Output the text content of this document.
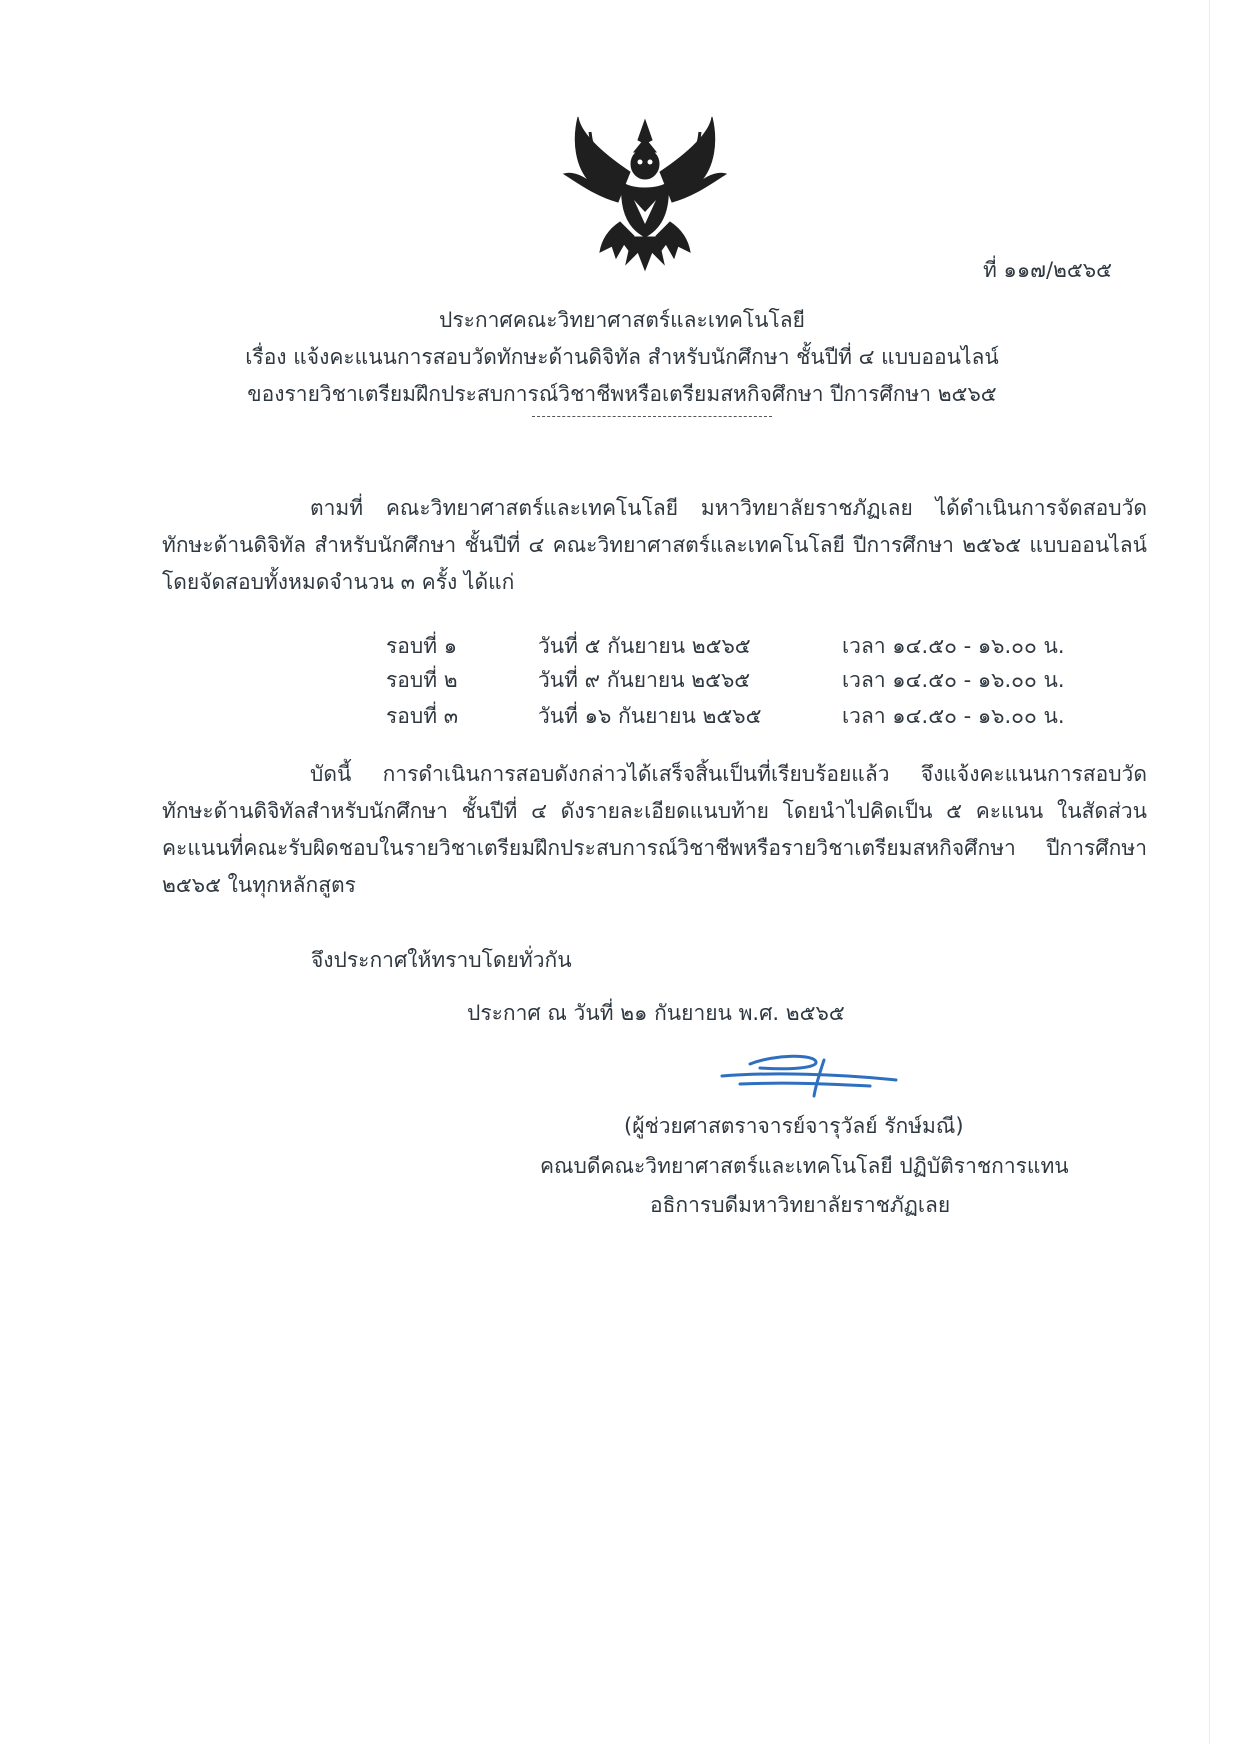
ที่ ๑๑๗/๒๕๖๕
ประกาศคณะวิทยาศาสตร์และเทคโนโลยี
เรื่อง แจ้งคะแนนการสอบวัดทักษะด้านดิจิทัล สำหรับนักศึกษา ชั้นปีที่ ๔ แบบออนไลน์
ของรายวิชาเตรียมฝึกประสบการณ์วิชาชีพหรือเตรียมสหกิจศึกษา ปีการศึกษา ๒๕๖๕
ตามที่ คณะวิทยาศาสตร์และเทคโนโลยี มหาวิทยาลัยราชภัฏเลย ได้ดำเนินการจัดสอบวัดทักษะด้านดิจิทัล สำหรับนักศึกษา ชั้นปีที่ ๔ คณะวิทยาศาสตร์และเทคโนโลยี ปีการศึกษา ๒๕๖๕ แบบออนไลน์ โดยจัดสอบทั้งหมดจำนวน ๓ ครั้ง ได้แก่
รอบที่ ๑	วันที่ ๕ กันยายน ๒๕๖๕	เวลา ๑๔.๕๐ - ๑๖.๐๐ น.
รอบที่ ๒	วันที่ ๙ กันยายน ๒๕๖๕	เวลา ๑๔.๕๐ - ๑๖.๐๐ น.
รอบที่ ๓	วันที่ ๑๖ กันยายน ๒๕๖๕	เวลา ๑๔.๕๐ - ๑๖.๐๐ น.
บัดนี้ การดำเนินการสอบดังกล่าวได้เสร็จสิ้นเป็นที่เรียบร้อยแล้ว จึงแจ้งคะแนนการสอบวัดทักษะด้านดิจิทัลสำหรับนักศึกษา ชั้นปีที่ ๔ ดังรายละเอียดแนบท้าย โดยนำไปคิดเป็น ๕ คะแนน ในสัดส่วนคะแนนที่คณะรับผิดชอบในรายวิชาเตรียมฝึกประสบการณ์วิชาชีพหรือรายวิชาเตรียมสหกิจศึกษา ปีการศึกษา ๒๕๖๕ ในทุกหลักสูตร
จึงประกาศให้ทราบโดยทั่วกัน
ประกาศ ณ วันที่ ๒๑ กันยายน พ.ศ. ๒๕๖๕
(ผู้ช่วยศาสตราจารย์จารุวัลย์ รักษ์มณี)
คณบดีคณะวิทยาศาสตร์และเทคโนโลยี ปฏิบัติราชการแทน
อธิการบดีมหาวิทยาลัยราชภัฏเลย
